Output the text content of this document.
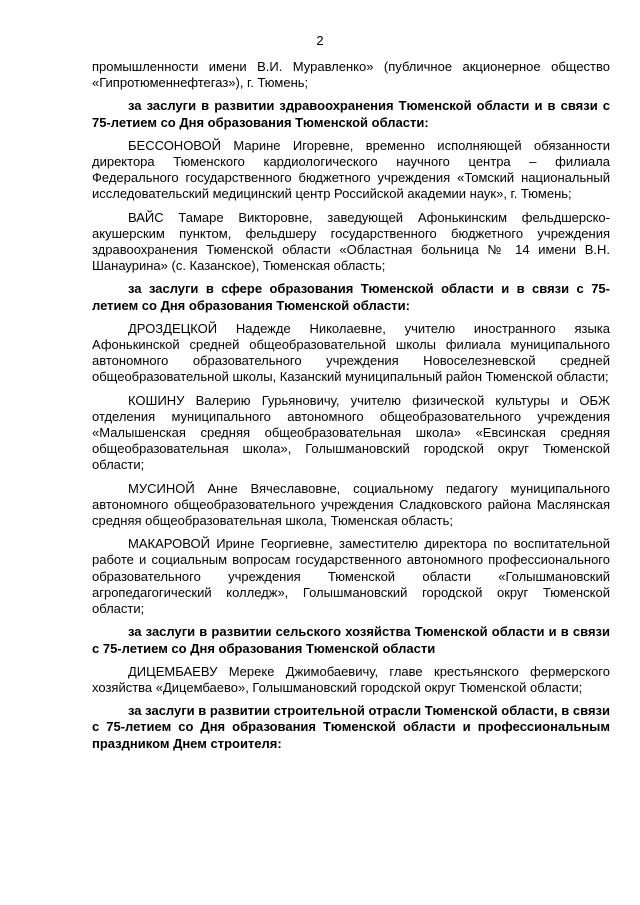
2

промышленности имени В.И. Муравленко» (публичное акционерное общество «Гипротюменнефтегаз»), г. Тюмень;

за заслуги в развитии здравоохранения Тюменской области и в связи с 75-летием со Дня образования Тюменской области:

БЕССОНОВОЙ Марине Игоревне, временно исполняющей обязанности директора Тюменского кардиологического научного центра – филиала Федерального государственного бюджетного учреждения «Томский национальный исследовательский медицинский центр Российской академии наук», г. Тюмень;

ВАЙС Тамаре Викторовне, заведующей Афонькинским фельдшерско-акушерским пунктом, фельдшеру государственного бюджетного учреждения здравоохранения Тюменской области «Областная больница № 14 имени В.Н. Шанаурина» (с. Казанское), Тюменская область;

за заслуги в сфере образования Тюменской области и в связи с 75-летием со Дня образования Тюменской области:

ДРОЗДЕЦКОЙ Надежде Николаевне, учителю иностранного языка Афонькинской средней общеобразовательной школы филиала муниципального автономного образовательного учреждения Новоселезневской средней общеобразовательной школы, Казанский муниципальный район Тюменской области;

КОШИНУ Валерию Гурьяновичу, учителю физической культуры и ОБЖ отделения муниципального автономного общеобразовательного учреждения «Малышенская средняя общеобразовательная школа» «Евсинская средняя общеобразовательная школа», Голышмановский городской округ Тюменской области;

МУСИНОЙ Анне Вячеславовне, социальному педагогу муниципального автономного общеобразовательного учреждения Сладковского района Маслянская средняя общеобразовательная школа, Тюменская область;

МАКАРОВОЙ Ирине Георгиевне, заместителю директора по воспитательной работе и социальным вопросам государственного автономного профессионального образовательного учреждения Тюменской области «Голышмановский агропедагогический колледж», Голышмановский городской округ Тюменской области;

за заслуги в развитии сельского хозяйства Тюменской области и в связи с 75-летием со Дня образования Тюменской области

ДИЦЕМБАЕВУ Мереке Джимобаевичу, главе крестьянского фермерского хозяйства «Дицембаево», Голышмановский городской округ Тюменской области;

за заслуги в развитии строительной отрасли Тюменской области, в связи с 75-летием со Дня образования Тюменской области и профессиональным праздником Днем строителя:
